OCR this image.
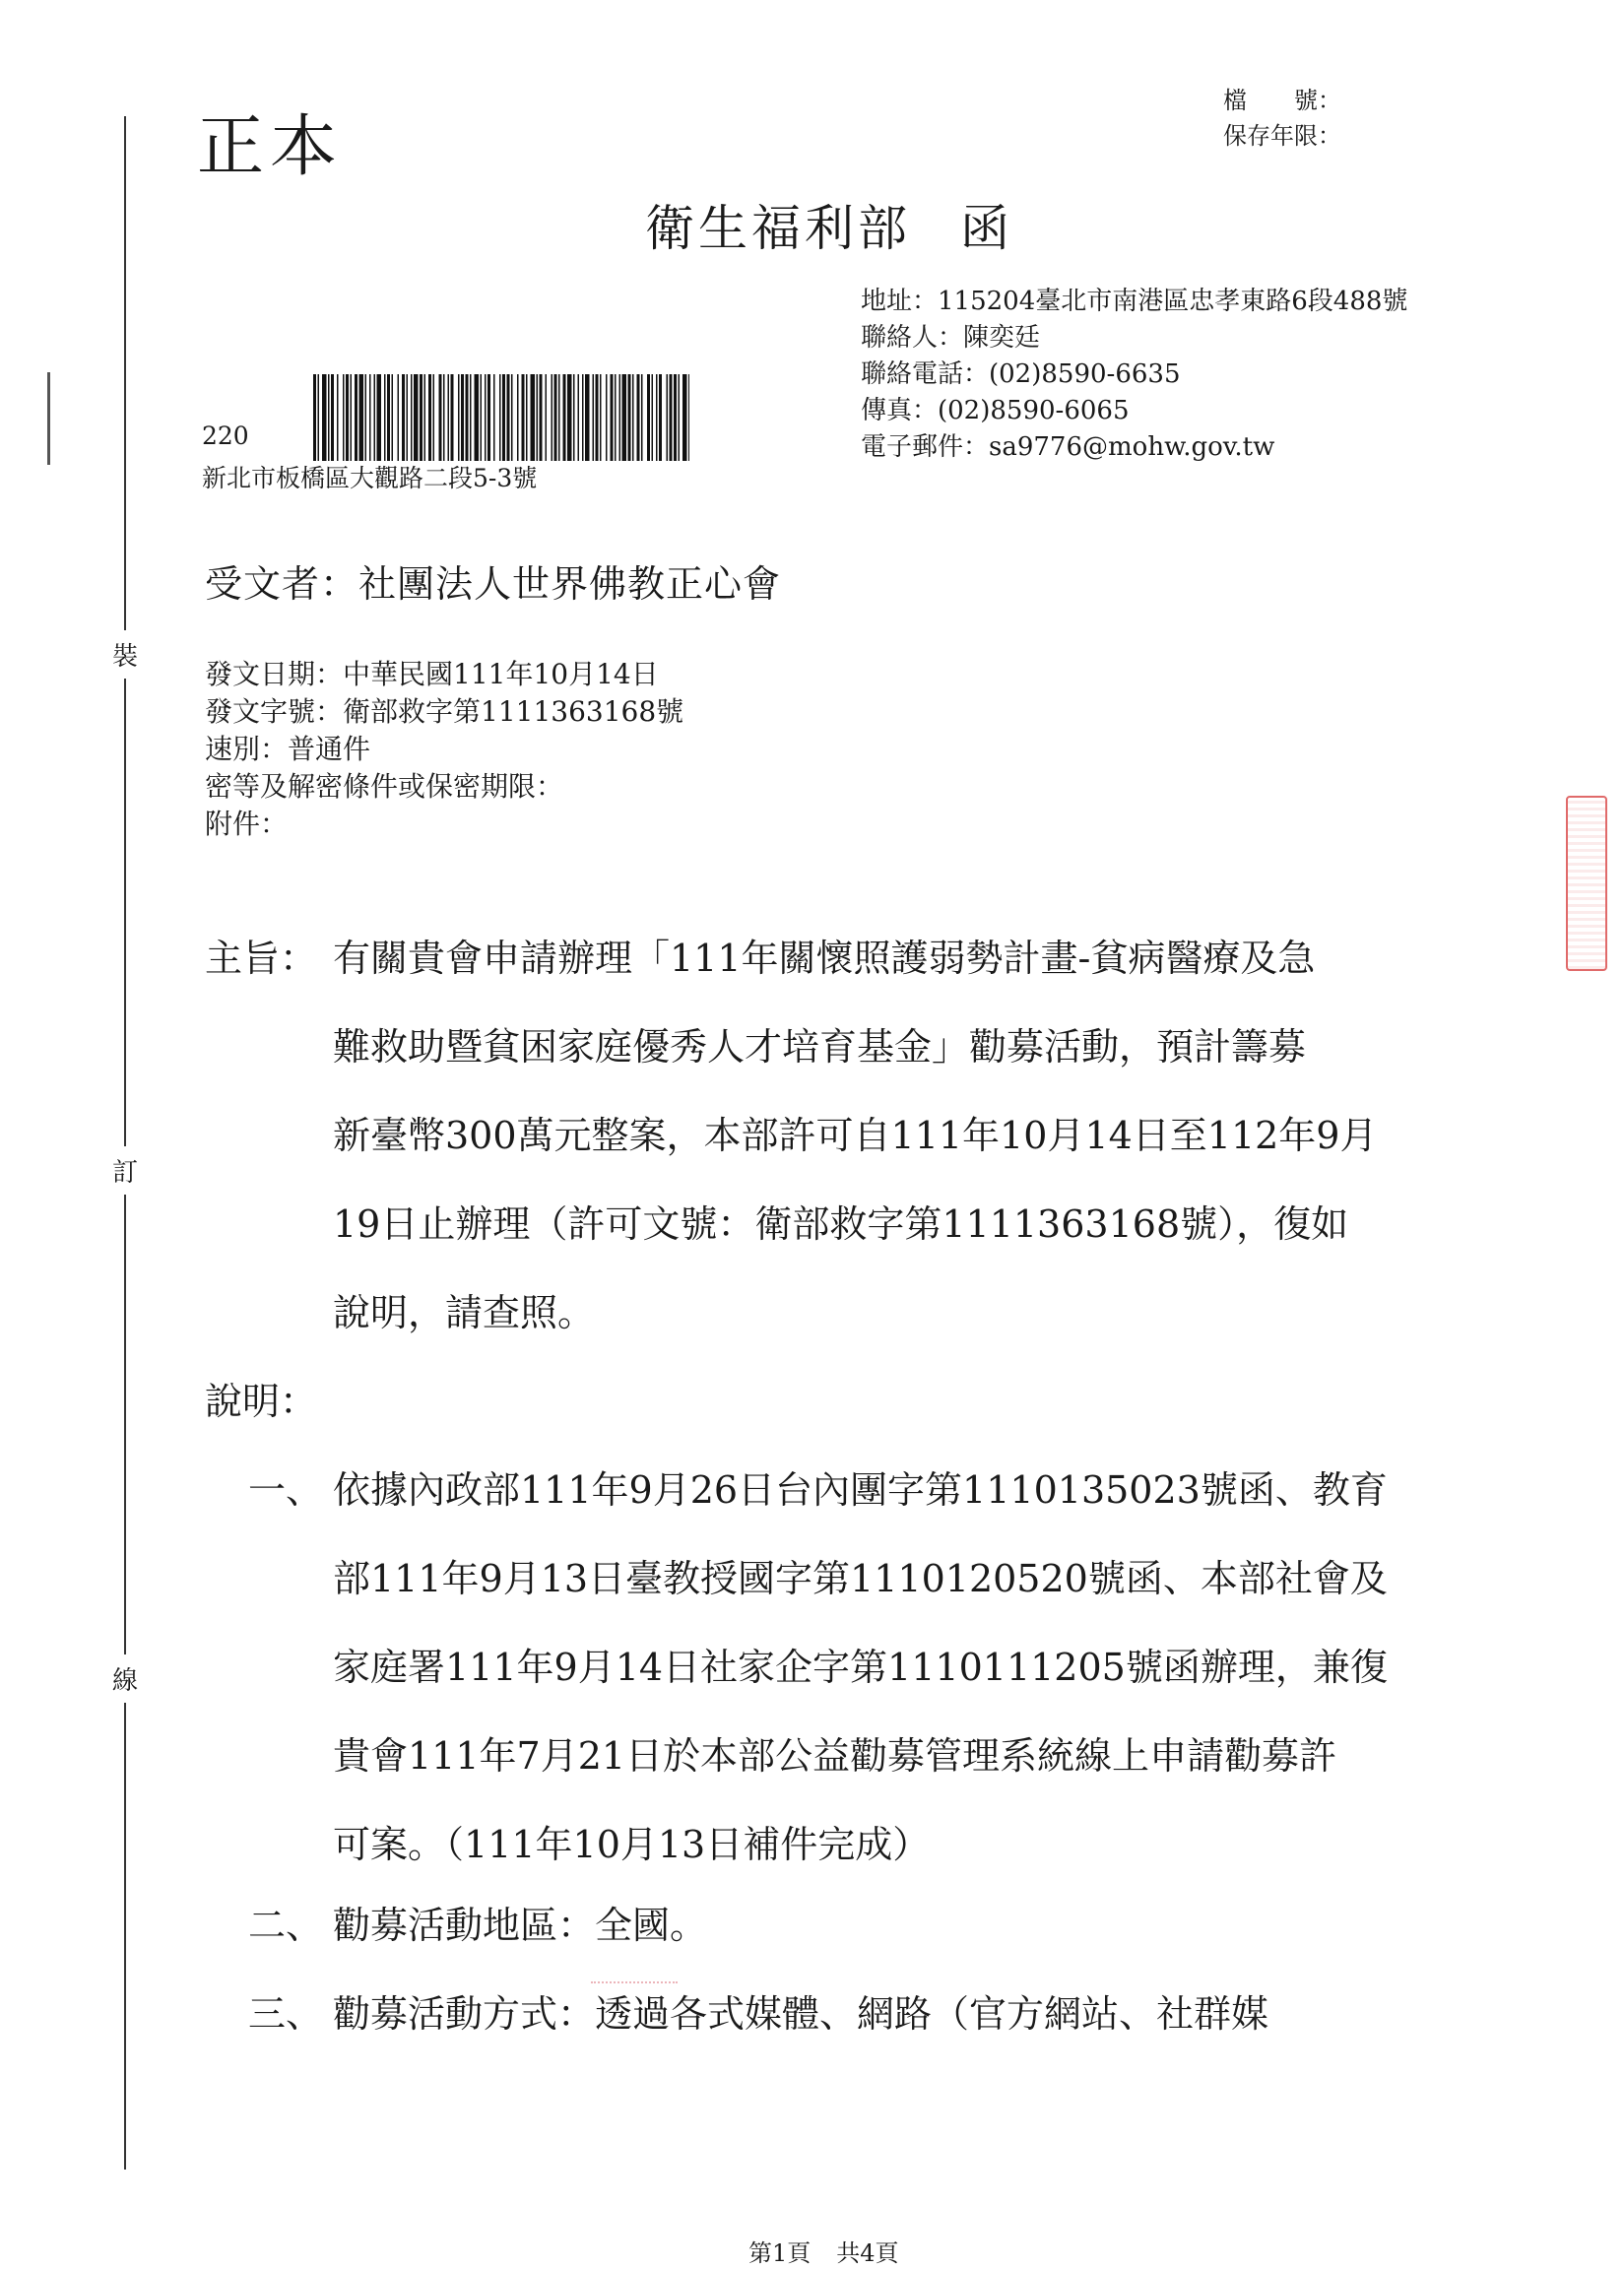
裝
訂
線
正本
檔　　號：
保存年限：
衛生福利部 函
地址：115204臺北市南港區忠孝東路6段488號
聯絡人：陳奕廷
聯絡電話：(02)8590-6635
傳真：(02)8590-6065
電子郵件：sa9776@mohw.gov.tw
220
新北市板橋區大觀路二段5-3號
受文者：社團法人世界佛教正心會
發文日期：中華民國111年10月14日
發文字號：衛部救字第1111363168號
速別：普通件
密等及解密條件或保密期限：
附件：
主旨： 有關貴會申請辦理「111年關懷照護弱勢計畫-貧病醫療及急
難救助暨貧困家庭優秀人才培育基金」勸募活動，預計籌募
新臺幣300萬元整案，本部許可自111年10月14日至112年9月
19日止辦理（許可文號：衛部救字第1111363168號），復如
說明，請查照。
說明：
一、 依據內政部111年9月26日台內團字第1110135023號函、教育
部111年9月13日臺教授國字第1110120520號函、本部社會及
家庭署111年9月14日社家企字第1110111205號函辦理，兼復
貴會111年7月21日於本部公益勸募管理系統線上申請勸募許
可案。（111年10月13日補件完成）
二、 勸募活動地區：全國。
三、 勸募活動方式：透過各式媒體、網路（官方網站、社群媒
第1頁 共4頁
